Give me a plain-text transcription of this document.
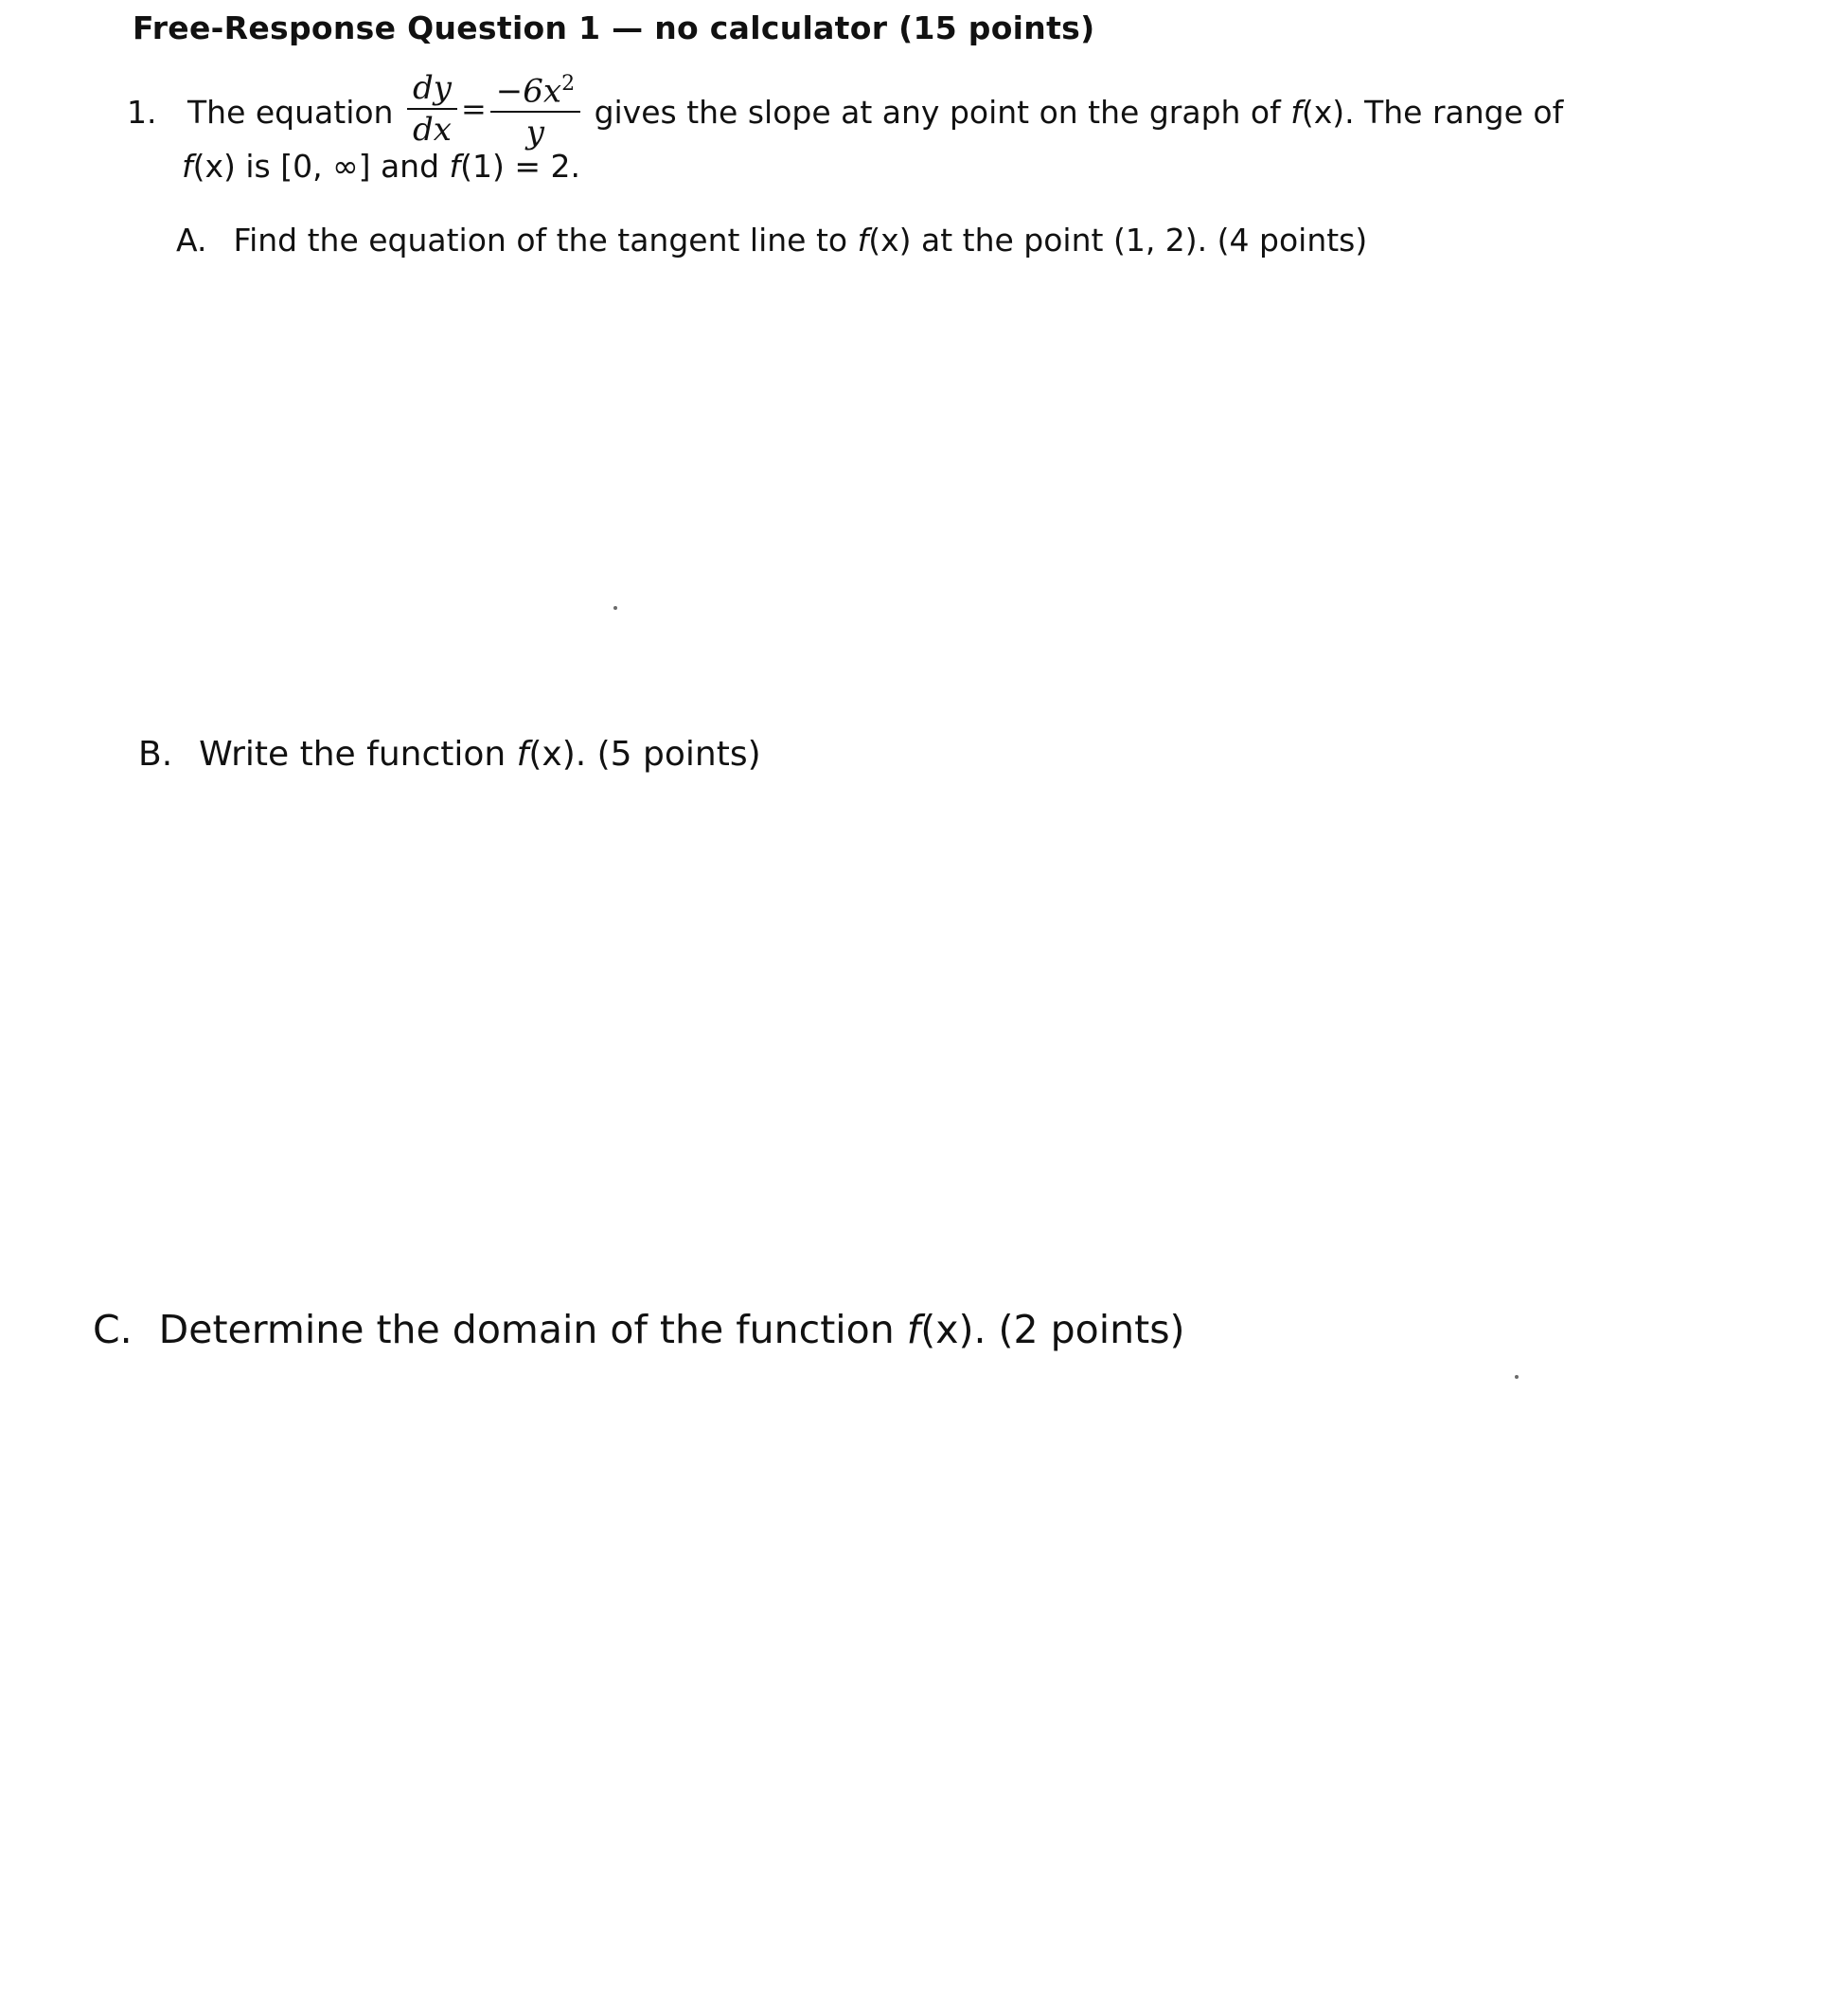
Free-Response Question 1 — no calculator (15 points)
1. The equation $\frac{dy}{dx} = \frac{-6x^2}{y}$ gives the slope at any point on the graph of f(x). The range of
f(x) is [0, ∞] and f(1) = 2.
A. Find the equation of the tangent line to f(x) at the point (1, 2). (4 points)
B. Write the function f(x). (5 points)
C. Determine the domain of the function f(x). (2 points)
